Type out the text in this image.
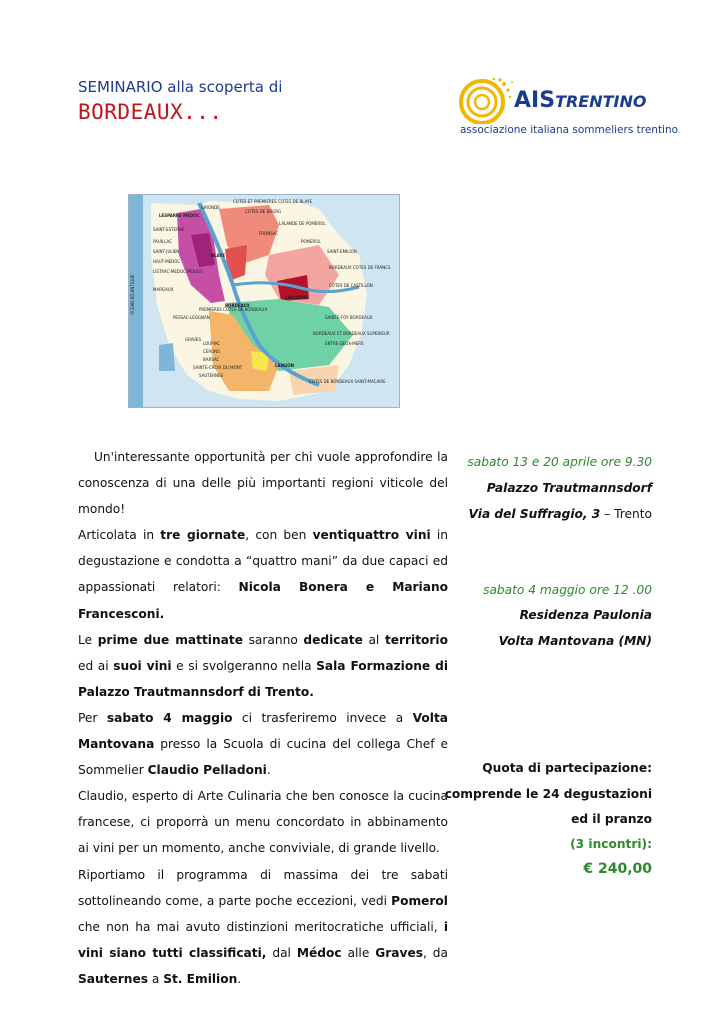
SEMINARIO alla scoperta di
BORDEAUX...	AISTRENTINO
associazione italiana sommeliers trentino
LESPARRE MEDOC
BLAYE
LIBOURNE
BORDEAUX
LANGON
OCEAN ATLANTIQUE
GIRONDE
SAINT-ESTEPHE
PAUILLAC
SAINT-JULIEN
HAUT-MEDOC
LISTRAC-MEDOC MOULIS
MARGAUX
COTES DE BOURG
COTES ET PREMIERES COTES DE BLAYE
GRAVES
PESSAC-LEOGNAN
SAUTERNES
BARSAC
CERONS
SAINT-EMILION
POMEROL
FRONSAC
ENTRE-DEUX-MERS
COTES DE CASTILLON
BORDEAUX COTES DE FRANCS
LALANDE DE POMEROL
PREMIERES COTES DE BORDEAUX
SAINTE-FOY BORDEAUX
COTES DE BORDEAUX SAINT-MACAIRE
BORDEAUX ET BORDEAUX SUPERIEUR
LOUPIAC
SAINTE-CROIX DU MONT

Un'interessante opportunità per chi vuole approfondire la conoscenza di una delle più importanti regioni viticole del mondo!

Articolata in tre giornate, con ben ventiquattro vini in degustazione e condotta a “quattro mani” da due capaci ed appassionati relatori: Nicola Bonera e Mariano Francesconi.

Le prime due mattinate saranno dedicate al territorio ed ai suoi vini e si svolgeranno nella Sala Formazione di Palazzo Trautmannsdorf di Trento.

Per sabato 4 maggio ci trasferiremo invece a Volta Mantovana presso la Scuola di cucina del collega Chef e Sommelier Claudio Pelladoni.

Claudio, esperto di Arte Culinaria che ben conosce la cucina francese, ci proporrà un menu concordato in abbinamento ai vini per un momento, anche conviviale, di grande livello.

Riportiamo il programma di massima dei tre sabati sottolineando come, a parte poche eccezioni, vedi Pomerol che non ha mai avuto distinzioni meritocratiche ufficiali, i vini siano tutti classificati, dal Médoc alle Graves, da Sauternes a St. Emilion.

sabato 13 e 20 aprile ore 9.30
Palazzo Trautmannsdorf
Via del Suffragio, 3 – Trento
sabato 4 maggio ore 12 .00
Residenza Paulonia
Volta Mantovana (MN)
Quota di partecipazione:
comprende le 24 degustazioni
ed il pranzo
(3 incontri):
€ 240,00
